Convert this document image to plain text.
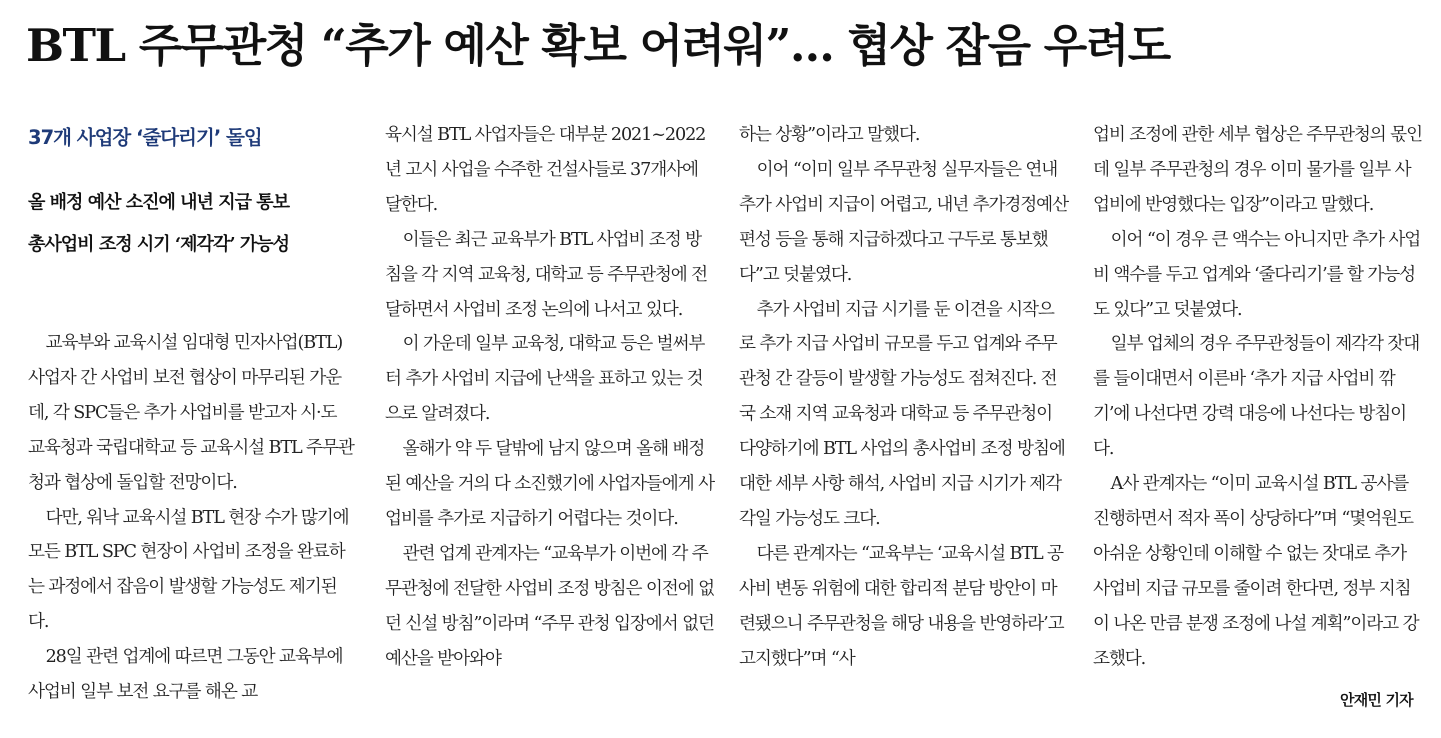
BTL 주무관청 “추가 예산 확보 어려워”… 협상 잡음 우려도
37개 사업장 ‘줄다리기’ 돌입
올 배정 예산 소진에 내년 지급 통보
총사업비 조정 시기 ‘제각각’ 가능성

교육부와 교육시설 임대형 민자사업(BTL) 사업자 간 사업비 보전 협상이 마무리된 가운데, 각 SPC들은 추가 사업비를 받고자 시·도 교육청과 국립대학교 등 교육시설 BTL 주무관청과 협상에 돌입할 전망이다.

다만, 워낙 교육시설 BTL 현장 수가 많기에 모든 BTL SPC 현장이 사업비 조정을 완료하는 과정에서 잡음이 발생할 가능성도 제기된다.

28일 관련 업계에 따르면 그동안 교육부에 사업비 일부 보전 요구를 해온 교

육시설 BTL 사업자들은 대부분 2021~2022년 고시 사업을 수주한 건설사들로 37개사에 달한다.

이들은 최근 교육부가 BTL 사업비 조정 방침을 각 지역 교육청, 대학교 등 주무관청에 전달하면서 사업비 조정 논의에 나서고 있다.

이 가운데 일부 교육청, 대학교 등은 벌써부터 추가 사업비 지급에 난색을 표하고 있는 것으로 알려졌다.

올해가 약 두 달밖에 남지 않으며 올해 배정된 예산을 거의 다 소진했기에 사업자들에게 사업비를 추가로 지급하기 어렵다는 것이다.

관련 업계 관계자는 “교육부가 이번에 각 주무관청에 전달한 사업비 조정 방침은 이전에 없던 신설 방침”이라며 “주무 관청 입장에서 없던 예산을 받아와야

하는 상황”이라고 말했다.

이어 “이미 일부 주무관청 실무자들은 연내 추가 사업비 지급이 어렵고, 내년 추가경정예산 편성 등을 통해 지급하겠다고 구두로 통보했다”고 덧붙였다.

추가 사업비 지급 시기를 둔 이견을 시작으로 추가 지급 사업비 규모를 두고 업계와 주무관청 간 갈등이 발생할 가능성도 점쳐진다. 전국 소재 지역 교육청과 대학교 등 주무관청이 다양하기에 BTL 사업의 총사업비 조정 방침에 대한 세부 사항 해석, 사업비 지급 시기가 제각각일 가능성도 크다.

다른 관계자는 “교육부는 ‘교육시설 BTL 공사비 변동 위험에 대한 합리적 분담 방안이 마련됐으니 주무관청을 해당 내용을 반영하라’고 고지했다”며 “사

업비 조정에 관한 세부 협상은 주무관청의 몫인데 일부 주무관청의 경우 이미 물가를 일부 사업비에 반영했다는 입장”이라고 말했다.

이어 “이 경우 큰 액수는 아니지만 추가 사업비 액수를 두고 업계와 ‘줄다리기’를 할 가능성도 있다”고 덧붙였다.

일부 업체의 경우 주무관청들이 제각각 잣대를 들이대면서 이른바 ‘추가 지급 사업비 깎기’에 나선다면 강력 대응에 나선다는 방침이다.

A사 관계자는 “이미 교육시설 BTL 공사를 진행하면서 적자 폭이 상당하다”며 “몇억원도 아쉬운 상황인데 이해할 수 없는 잣대로 추가 사업비 지급 규모를 줄이려 한다면, 정부 지침이 나온 만큼 분쟁 조정에 나설 계획”이라고 강조했다.

안재민 기자
